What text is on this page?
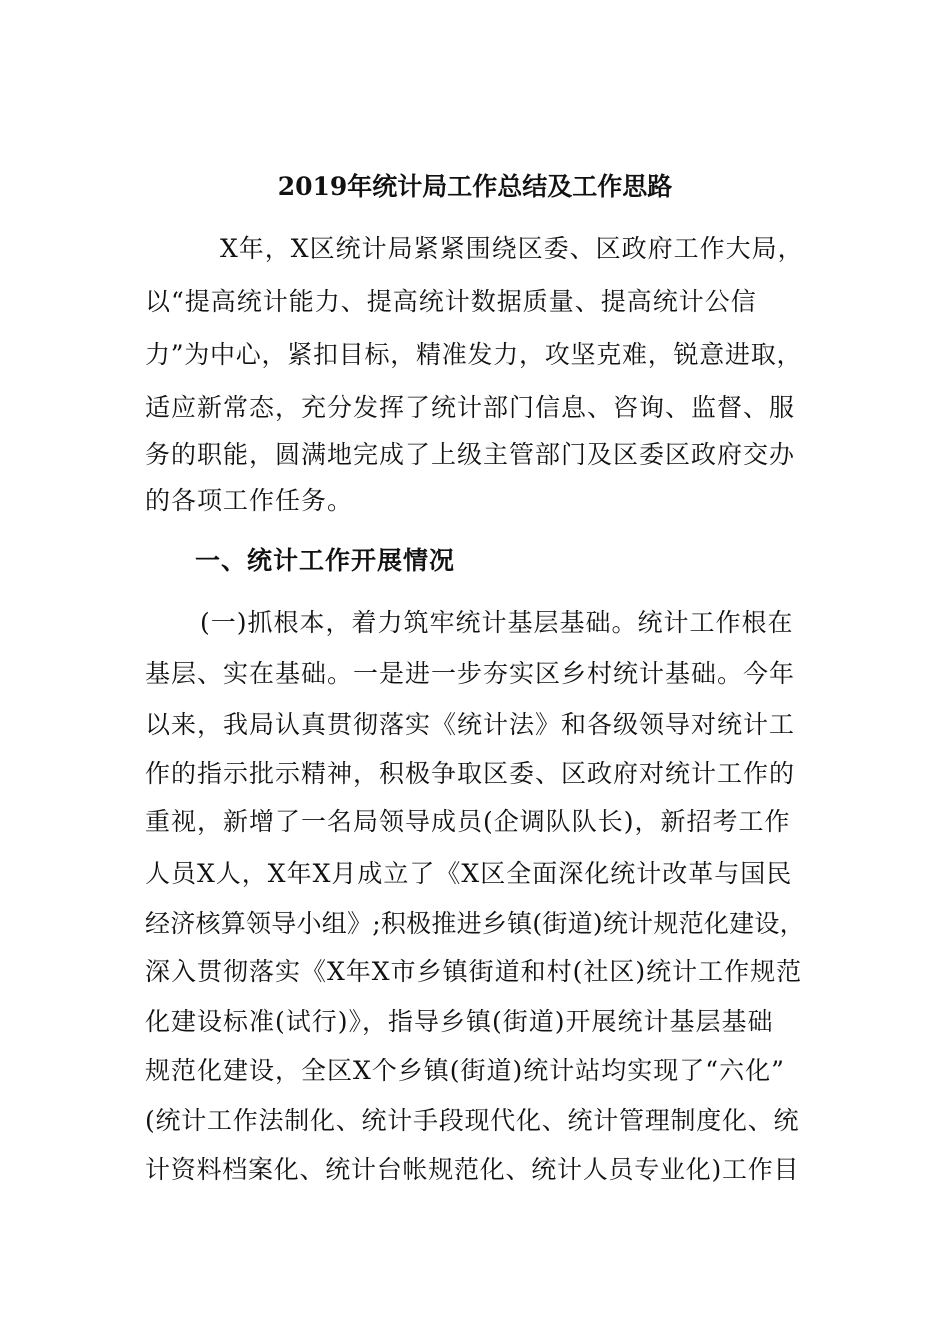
2019年统计局工作总结及工作思路
X年，X区统计局紧紧围绕区委、区政府工作大局，
以“提高统计能力、提高统计数据质量、提高统计公信
力”为中心，紧扣目标，精准发力，攻坚克难，锐意进取，
适应新常态，充分发挥了统计部门信息、咨询、监督、服
务的职能，圆满地完成了上级主管部门及区委区政府交办
的各项工作任务。
一、统计工作开展情况
(一)抓根本，着力筑牢统计基层基础。统计工作根在
基层、实在基础。一是进一步夯实区乡村统计基础。今年
以来，我局认真贯彻落实《统计法》和各级领导对统计工
作的指示批示精神，积极争取区委、区政府对统计工作的
重视，新增了一名局领导成员(企调队队长)，新招考工作
人员X人，X年X月成立了《X区全面深化统计改革与国民
经济核算领导小组》;积极推进乡镇(街道)统计规范化建设，
深入贯彻落实《X年X市乡镇街道和村(社区)统计工作规范
化建设标准(试行)》，指导乡镇(街道)开展统计基层基础
规范化建设，全区X个乡镇(街道)统计站均实现了“六化”
(统计工作法制化、统计手段现代化、统计管理制度化、统
计资料档案化、统计台帐规范化、统计人员专业化)工作目
